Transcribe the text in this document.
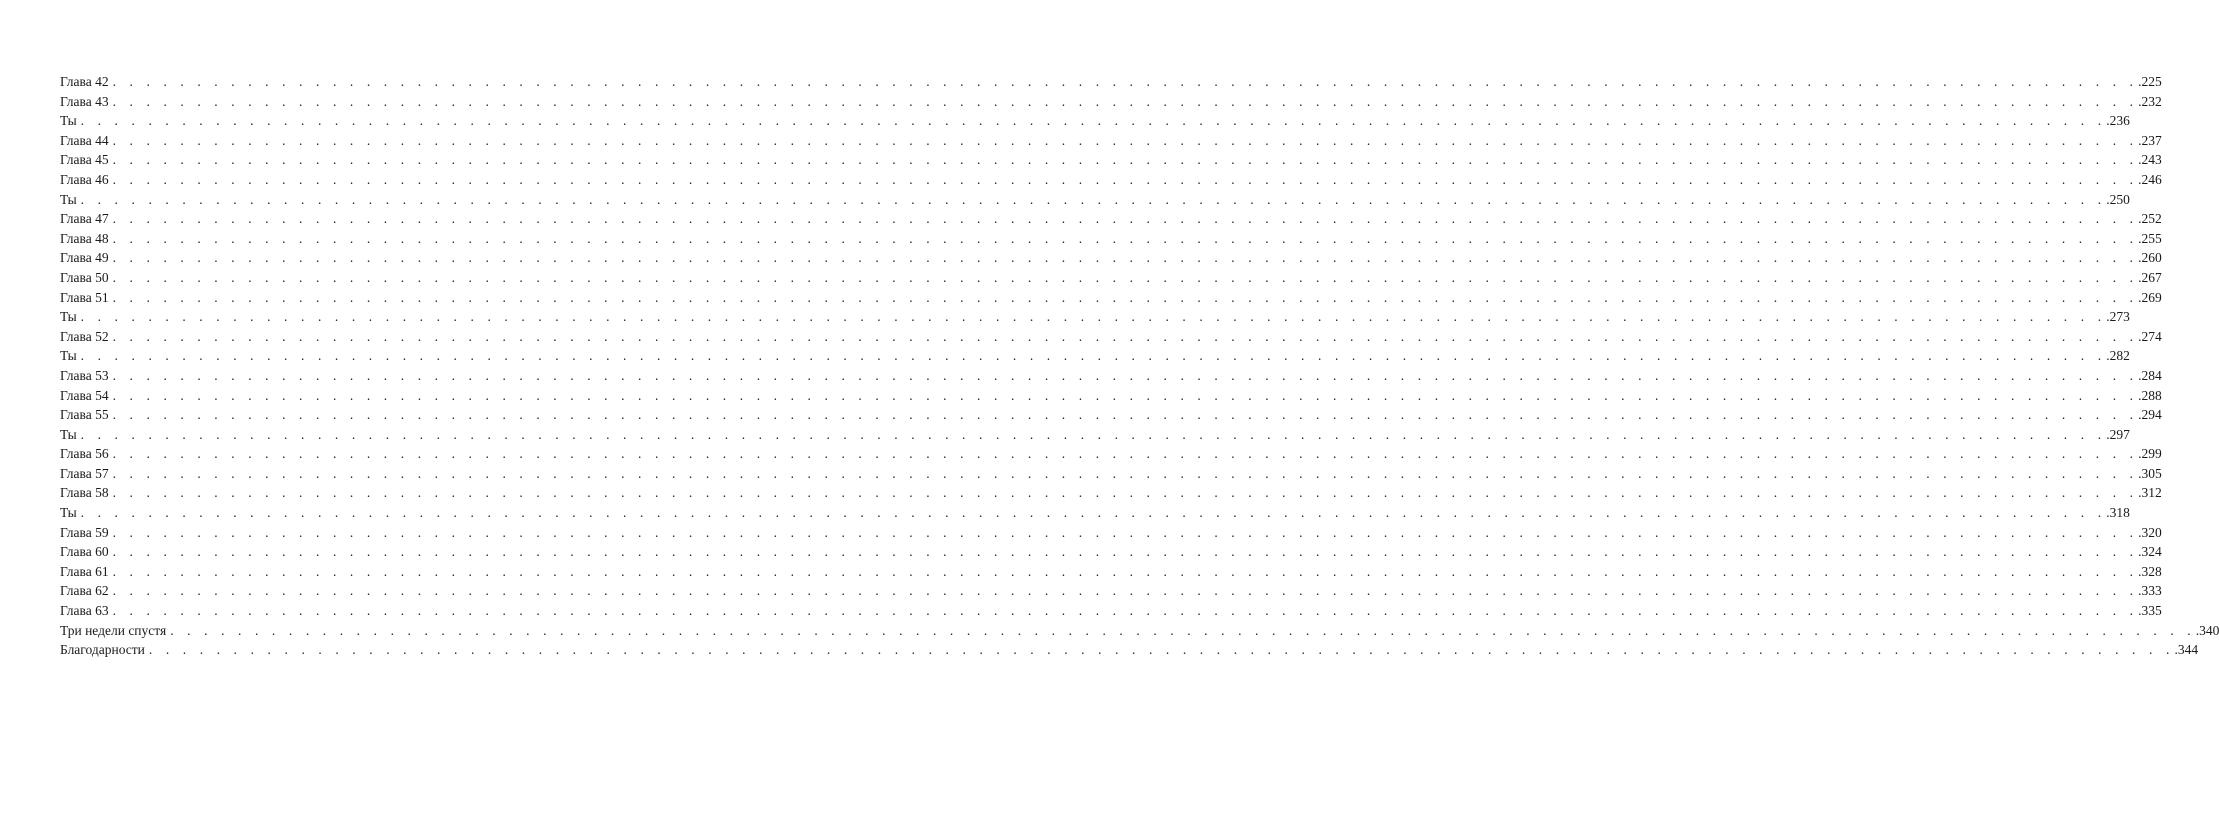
Глава 42 . . . . . . . . . . . . . . . . . . . . . . . . . . . . . . . . . . . . . . . . . . . . . . . . . . . . . . . . . . . . . . . . . . . . . . . . . . . . . . . . . . . . . . . . . . . . . . . . . . . . . . . . . . . . . . . . . . . . . . . . .225
Глава 43 . . . . . . . . . . . . . . . . . . . . . . . . . . . . . . . . . . . . . . . . . . . . . . . . . . . . . . . . . . . . . . . . . . . . . . . . . . . . . . . . . . . . . . . . . . . . . . . . . . . . . . . . . . . . . . . . . . . . . . . . .232
Ты . . . . . . . . . . . . . . . . . . . . . . . . . . . . . . . . . . . . . . . . . . . . . . . . . . . . . . . . . . . . . . . . . . . . . . . . . . . . . . . . . . . . . . . . . . . . . . . . . . . . . . . . . . . . . . . . . . . . . . . . .236
Глава 44 . . . . . . . . . . . . . . . . . . . . . . . . . . . . . . . . . . . . . . . . . . . . . . . . . . . . . . . . . . . . . . . . . . . . . . . . . . . . . . . . . . . . . . . . . . . . . . . . . . . . . . . . . . . . . . . . . . . . . . . . .237
Глава 45 . . . . . . . . . . . . . . . . . . . . . . . . . . . . . . . . . . . . . . . . . . . . . . . . . . . . . . . . . . . . . . . . . . . . . . . . . . . . . . . . . . . . . . . . . . . . . . . . . . . . . . . . . . . . . . . . . . . . . . . . .243
Глава 46 . . . . . . . . . . . . . . . . . . . . . . . . . . . . . . . . . . . . . . . . . . . . . . . . . . . . . . . . . . . . . . . . . . . . . . . . . . . . . . . . . . . . . . . . . . . . . . . . . . . . . . . . . . . . . . . . . . . . . . . . .246
Ты . . . . . . . . . . . . . . . . . . . . . . . . . . . . . . . . . . . . . . . . . . . . . . . . . . . . . . . . . . . . . . . . . . . . . . . . . . . . . . . . . . . . . . . . . . . . . . . . . . . . . . . . . . . . . . . . . . . . . . . . .250
Глава 47 . . . . . . . . . . . . . . . . . . . . . . . . . . . . . . . . . . . . . . . . . . . . . . . . . . . . . . . . . . . . . . . . . . . . . . . . . . . . . . . . . . . . . . . . . . . . . . . . . . . . . . . . . . . . . . . . . . . . . . . . .252
Глава 48 . . . . . . . . . . . . . . . . . . . . . . . . . . . . . . . . . . . . . . . . . . . . . . . . . . . . . . . . . . . . . . . . . . . . . . . . . . . . . . . . . . . . . . . . . . . . . . . . . . . . . . . . . . . . . . . . . . . . . . . . .255
Глава 49 . . . . . . . . . . . . . . . . . . . . . . . . . . . . . . . . . . . . . . . . . . . . . . . . . . . . . . . . . . . . . . . . . . . . . . . . . . . . . . . . . . . . . . . . . . . . . . . . . . . . . . . . . . . . . . . . . . . . . . . . .260
Глава 50 . . . . . . . . . . . . . . . . . . . . . . . . . . . . . . . . . . . . . . . . . . . . . . . . . . . . . . . . . . . . . . . . . . . . . . . . . . . . . . . . . . . . . . . . . . . . . . . . . . . . . . . . . . . . . . . . . . . . . . . . .267
Глава 51 . . . . . . . . . . . . . . . . . . . . . . . . . . . . . . . . . . . . . . . . . . . . . . . . . . . . . . . . . . . . . . . . . . . . . . . . . . . . . . . . . . . . . . . . . . . . . . . . . . . . . . . . . . . . . . . . . . . . . . . . .269
Ты . . . . . . . . . . . . . . . . . . . . . . . . . . . . . . . . . . . . . . . . . . . . . . . . . . . . . . . . . . . . . . . . . . . . . . . . . . . . . . . . . . . . . . . . . . . . . . . . . . . . . . . . . . . . . . . . . . . . . . . . .273
Глава 52 . . . . . . . . . . . . . . . . . . . . . . . . . . . . . . . . . . . . . . . . . . . . . . . . . . . . . . . . . . . . . . . . . . . . . . . . . . . . . . . . . . . . . . . . . . . . . . . . . . . . . . . . . . . . . . . . . . . . . . . . .274
Ты . . . . . . . . . . . . . . . . . . . . . . . . . . . . . . . . . . . . . . . . . . . . . . . . . . . . . . . . . . . . . . . . . . . . . . . . . . . . . . . . . . . . . . . . . . . . . . . . . . . . . . . . . . . . . . . . . . . . . . . . .282
Глава 53 . . . . . . . . . . . . . . . . . . . . . . . . . . . . . . . . . . . . . . . . . . . . . . . . . . . . . . . . . . . . . . . . . . . . . . . . . . . . . . . . . . . . . . . . . . . . . . . . . . . . . . . . . . . . . . . . . . . . . . . . .284
Глава 54 . . . . . . . . . . . . . . . . . . . . . . . . . . . . . . . . . . . . . . . . . . . . . . . . . . . . . . . . . . . . . . . . . . . . . . . . . . . . . . . . . . . . . . . . . . . . . . . . . . . . . . . . . . . . . . . . . . . . . . . . .288
Глава 55 . . . . . . . . . . . . . . . . . . . . . . . . . . . . . . . . . . . . . . . . . . . . . . . . . . . . . . . . . . . . . . . . . . . . . . . . . . . . . . . . . . . . . . . . . . . . . . . . . . . . . . . . . . . . . . . . . . . . . . . . .294
Ты . . . . . . . . . . . . . . . . . . . . . . . . . . . . . . . . . . . . . . . . . . . . . . . . . . . . . . . . . . . . . . . . . . . . . . . . . . . . . . . . . . . . . . . . . . . . . . . . . . . . . . . . . . . . . . . . . . . . . . . . .297
Глава 56 . . . . . . . . . . . . . . . . . . . . . . . . . . . . . . . . . . . . . . . . . . . . . . . . . . . . . . . . . . . . . . . . . . . . . . . . . . . . . . . . . . . . . . . . . . . . . . . . . . . . . . . . . . . . . . . . . . . . . . . . .299
Глава 57 . . . . . . . . . . . . . . . . . . . . . . . . . . . . . . . . . . . . . . . . . . . . . . . . . . . . . . . . . . . . . . . . . . . . . . . . . . . . . . . . . . . . . . . . . . . . . . . . . . . . . . . . . . . . . . . . . . . . . . . . .305
Глава 58 . . . . . . . . . . . . . . . . . . . . . . . . . . . . . . . . . . . . . . . . . . . . . . . . . . . . . . . . . . . . . . . . . . . . . . . . . . . . . . . . . . . . . . . . . . . . . . . . . . . . . . . . . . . . . . . . . . . . . . . . .312
Ты . . . . . . . . . . . . . . . . . . . . . . . . . . . . . . . . . . . . . . . . . . . . . . . . . . . . . . . . . . . . . . . . . . . . . . . . . . . . . . . . . . . . . . . . . . . . . . . . . . . . . . . . . . . . . . . . . . . . . . . . .318
Глава 59 . . . . . . . . . . . . . . . . . . . . . . . . . . . . . . . . . . . . . . . . . . . . . . . . . . . . . . . . . . . . . . . . . . . . . . . . . . . . . . . . . . . . . . . . . . . . . . . . . . . . . . . . . . . . . . . . . . . . . . . . .320
Глава 60 . . . . . . . . . . . . . . . . . . . . . . . . . . . . . . . . . . . . . . . . . . . . . . . . . . . . . . . . . . . . . . . . . . . . . . . . . . . . . . . . . . . . . . . . . . . . . . . . . . . . . . . . . . . . . . . . . . . . . . . . .324
Глава 61 . . . . . . . . . . . . . . . . . . . . . . . . . . . . . . . . . . . . . . . . . . . . . . . . . . . . . . . . . . . . . . . . . . . . . . . . . . . . . . . . . . . . . . . . . . . . . . . . . . . . . . . . . . . . . . . . . . . . . . . . .328
Глава 62 . . . . . . . . . . . . . . . . . . . . . . . . . . . . . . . . . . . . . . . . . . . . . . . . . . . . . . . . . . . . . . . . . . . . . . . . . . . . . . . . . . . . . . . . . . . . . . . . . . . . . . . . . . . . . . . . . . . . . . . . .333
Глава 63 . . . . . . . . . . . . . . . . . . . . . . . . . . . . . . . . . . . . . . . . . . . . . . . . . . . . . . . . . . . . . . . . . . . . . . . . . . . . . . . . . . . . . . . . . . . . . . . . . . . . . . . . . . . . . . . . . . . . . . . . .335
Три недели спустя . . . . . . . . . . . . . . . . . . . . . . . . . . . . . . . . . . . . . . . . . . . . . . . . . . . . . . . . . . . . . . . . . . . . . . . . . . . . . . . . . . . . . . . . . . . . . . . . . . . . . . . . . . . . . . . . . . . . . . . . .340
Благодарности . . . . . . . . . . . . . . . . . . . . . . . . . . . . . . . . . . . . . . . . . . . . . . . . . . . . . . . . . . . . . . . . . . . . . . . . . . . . . . . . . . . . . . . . . . . . . . . . . . . . . . . . . . . . . . . . . . . . . . . . .344
